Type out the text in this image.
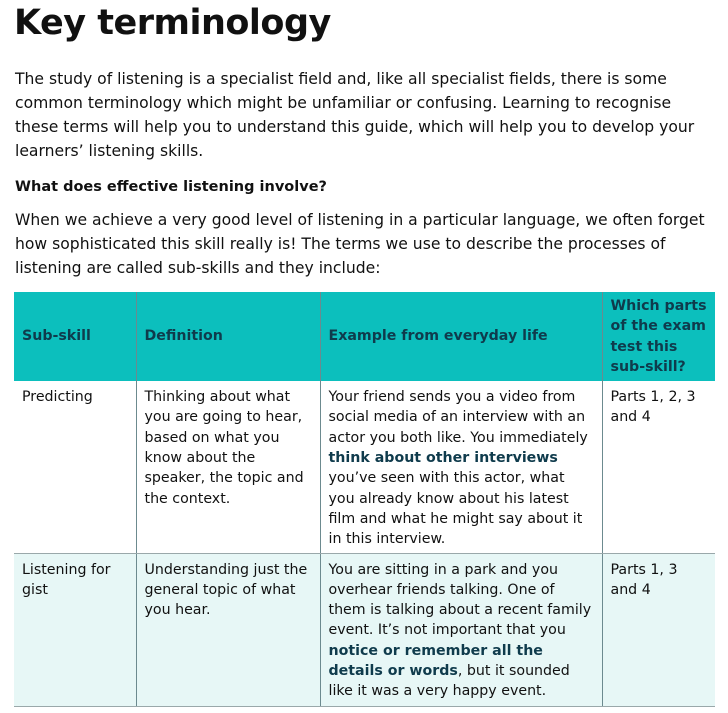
Key terminology

The study of listening is a specialist field and, like all specialist fields, there is some common terminology which might be unfamiliar or confusing. Learning to recognise these terms will help you to understand this guide, which will help you to develop your learners’ listening skills.

What does effective listening involve?

When we achieve a very good level of listening in a particular language, we often forget how sophisticated this skill really is! The terms we use to describe the processes of listening are called sub-skills and they include:

Sub-skill	Definition	Example from everyday life	Which parts of the exam test this sub-skill?
Predicting	Thinking about what you are going to hear, based on what you know about the speaker, the topic and the context.	Your friend sends you a video from social media of an interview with an actor you both like. You immediately think about other interviews you’ve seen with this actor, what you already know about his latest film and what he might say about it in this interview.	Parts 1, 2, 3 and 4
Listening for gist	Understanding just the general topic of what you hear.	You are sitting in a park and you overhear friends talking. One of them is talking about a recent family event. It’s not important that you notice or remember all the details or words, but it sounded like it was a very happy event.	Parts 1, 3 and 4
